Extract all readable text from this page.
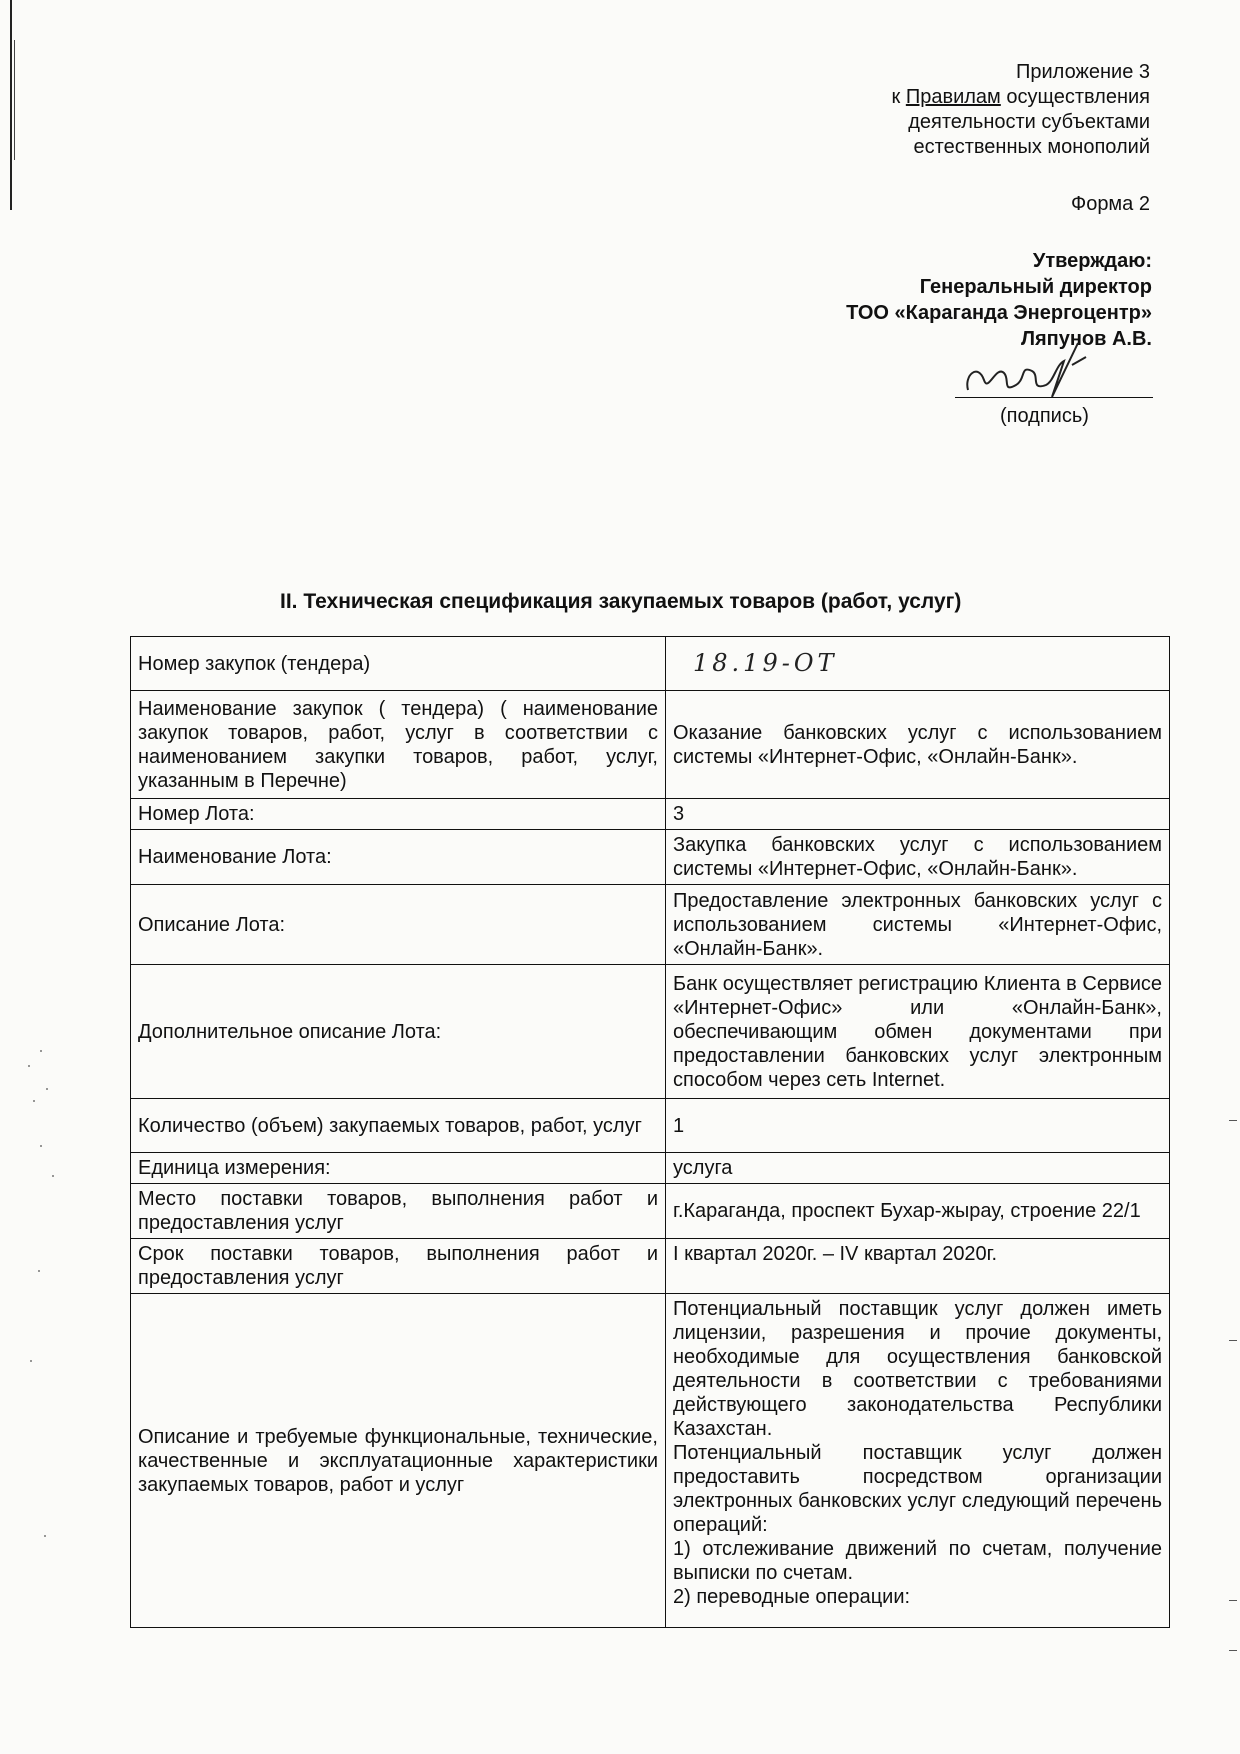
Приложение 3
к Правилам осуществления
деятельности субъектами
естественных монополий
Форма 2
Утверждаю:
Генеральный директор
ТОО «Караганда Энергоцентр»
Ляпунов А.В.
(подпись)
II. Техническая спецификация закупаемых товаров (работ, услуг)
Номер закупок (тендера)	18.19-ОТ
Наименование закупок ( тендера) ( наименование закупок товаров, работ, услуг в соответствии с наименованием закупки товаров, работ, услуг, указанным в Перечне)	Оказание банковских услуг с использованием системы «Интернет-Офис, «Онлайн-Банк».
Номер Лота:	3
Наименование Лота:	Закупка банковских услуг с использованием системы «Интернет-Офис, «Онлайн-Банк».
Описание Лота:	Предоставление электронных банковских услуг с использованием системы «Интернет-Офис, «Онлайн-Банк».
Дополнительное описание Лота:	Банк осуществляет регистрацию Клиента в Сервисе «Интернет-Офис» или «Онлайн-Банк», обеспечивающим обмен документами при предоставлении банковских услуг электронным способом через сеть Internet.
Количество (объем) закупаемых товаров, работ, услуг	1
Единица измерения:	услуга
Место поставки товаров, выполнения работ и предоставления услуг	г.Караганда, проспект Бухар-жырау, строение 22/1
Срок поставки товаров, выполнения работ и предоставления услуг	I квартал 2020г. – IV квартал 2020г.
Описание и требуемые функциональные, технические, качественные и эксплуатационные характеристики закупаемых товаров, работ и услуг	Потенциальный поставщик услуг должен иметь лицензии, разрешения и прочие документы, необходимые для осуществления банковской деятельности в соответствии с требованиями действующего законодательства Республики Казахстан.
Потенциальный поставщик услуг должен предоставить посредством организации электронных банковских услуг следующий перечень операций:
1) отслеживание движений по счетам, получение выписки по счетам.
2) переводные операции:
